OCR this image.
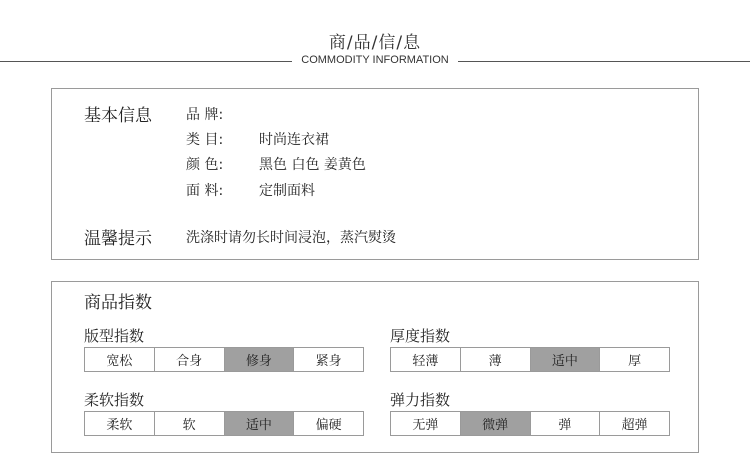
商/品/信/息
COMMODITY INFORMATION
基本信息 品 牌:
类 目:	时尚连衣裙
颜 色:	黑色 白色 姜黄色
面 料:	定制面料
温馨提示 洗涤时请勿长时间浸泡，蒸汽熨烫
商品指数
版型指数
宽松	合身	修身	紧身
厚度指数
轻薄	薄	适中	厚
柔软指数
柔软	软	适中	偏硬
弹力指数
无弹	微弹	弹	超弹
